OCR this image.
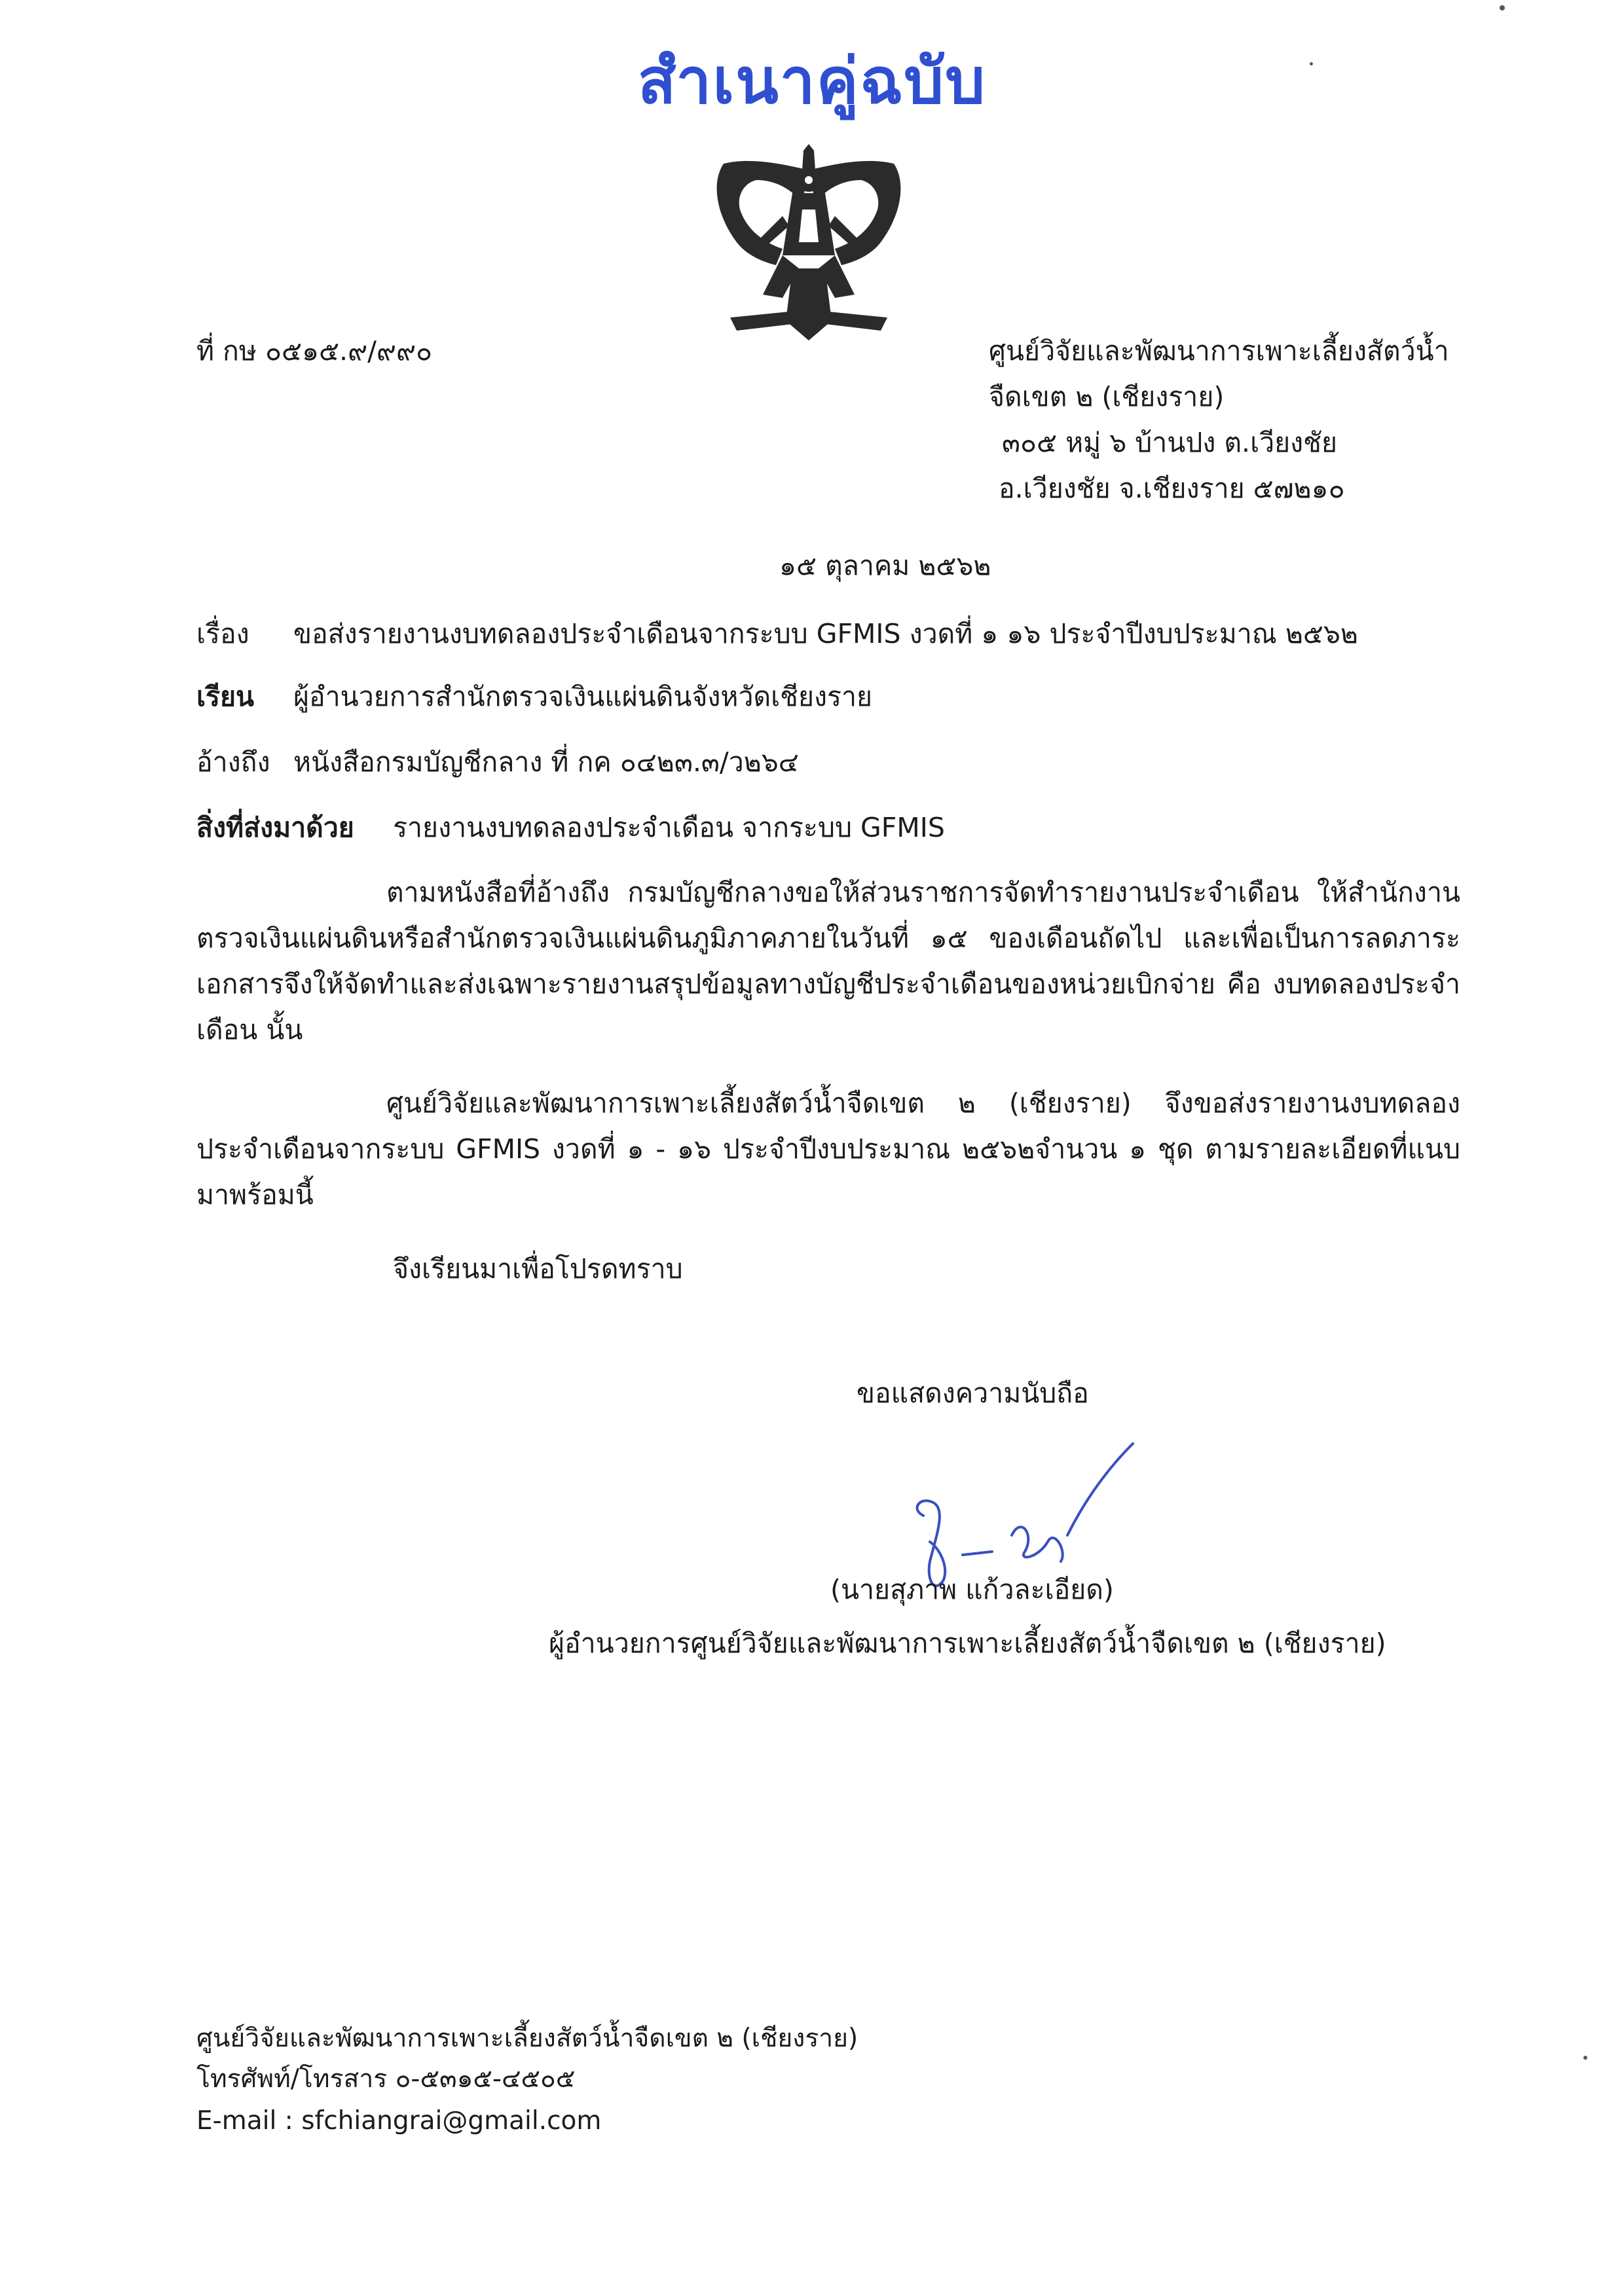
สำเนาคู่ฉบับ
ที่ กษ ๐๕๑๕.๙/๙๙๐	ศูนย์วิจัยและพัฒนาการเพาะเลี้ยงสัตว์น้ำ
จืดเขต ๒ (เชียงราย)
๓๐๕ หมู่ ๖ บ้านปง ต.เวียงชัย
อ.เวียงชัย จ.เชียงราย ๕๗๒๑๐
๑๕ ตุลาคม ๒๕๖๒
เรื่อง ขอส่งรายงานงบทดลองประจำเดือนจากระบบ GFMIS งวดที่ ๑ ๑๖ ประจำปีงบประมาณ ๒๕๖๒
เรียน ผู้อำนวยการสำนักตรวจเงินแผ่นดินจังหวัดเชียงราย
อ้างถึง หนังสือกรมบัญชีกลาง ที่ กค ๐๔๒๓.๓/ว๒๖๔
สิ่งที่ส่งมาด้วย รายงานงบทดลองประจำเดือน จากระบบ GFMIS
ตามหนังสือที่อ้างถึง กรมบัญชีกลางขอให้ส่วนราชการจัดทำรายงานประจำเดือน ให้สำนักงานตรวจเงินแผ่นดินหรือสำนักตรวจเงินแผ่นดินภูมิภาคภายในวันที่ ๑๕ ของเดือนถัดไป และเพื่อเป็นการลดภาระเอกสารจึงให้จัดทำและส่งเฉพาะรายงานสรุปข้อมูลทางบัญชีประจำเดือนของหน่วยเบิกจ่าย คือ งบทดลองประจำเดือน นั้น
ศูนย์วิจัยและพัฒนาการเพาะเลี้ยงสัตว์น้ำจืดเขต ๒ (เชียงราย) จึงขอส่งรายงานงบทดลองประจำเดือนจากระบบ GFMIS งวดที่ ๑ - ๑๖ ประจำปีงบประมาณ ๒๕๖๒จำนวน ๑ ชุด ตามรายละเอียดที่แนบมาพร้อมนี้
จึงเรียนมาเพื่อโปรดทราบ
ขอแสดงความนับถือ
(นายสุภาพ แก้วละเอียด)
ผู้อำนวยการศูนย์วิจัยและพัฒนาการเพาะเลี้ยงสัตว์น้ำจืดเขต ๒ (เชียงราย)
ศูนย์วิจัยและพัฒนาการเพาะเลี้ยงสัตว์น้ำจืดเขต ๒ (เชียงราย)
โทรศัพท์/โทรสาร ๐-๕๓๑๕-๔๕๐๕
E-mail : sfchiangrai@gmail.com
